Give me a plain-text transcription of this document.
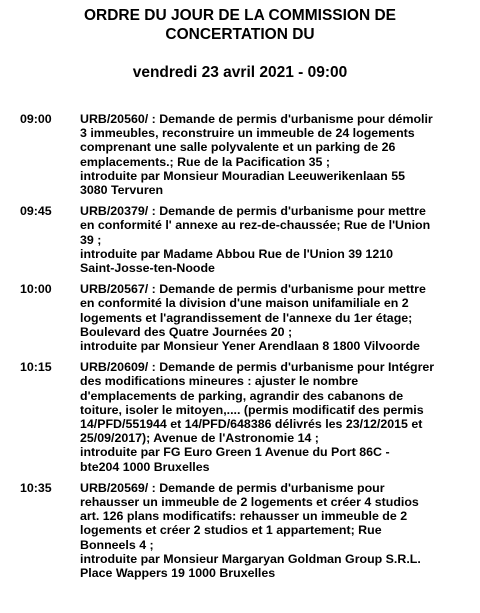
ORDRE DU JOUR DE LA COMMISSION DE
CONCERTATION DU
vendredi 23 avril 2021 - 09:00
09:00	URB/20560/ : Demande de permis d'urbanisme pour démolir
3 immeubles, reconstruire un immeuble de 24 logements
comprenant une salle polyvalente et un parking de 26
emplacements.; Rue de la Pacification 35 ;
introduite par Monsieur Mouradian Leeuwerikenlaan 55
3080 Tervuren
09:45	URB/20379/ : Demande de permis d'urbanisme pour mettre
en conformité l' annexe au rez-de-chaussée; Rue de l'Union
39 ;
introduite par Madame Abbou Rue de l'Union 39 1210
Saint-Josse-ten-Noode
10:00	URB/20567/ : Demande de permis d'urbanisme pour mettre
en conformité la division d'une maison unifamiliale en 2
logements et l'agrandissement de l'annexe du 1er étage;
Boulevard des Quatre Journées 20 ;
introduite par Monsieur Yener Arendlaan 8 1800 Vilvoorde
10:15	URB/20609/ : Demande de permis d'urbanisme pour Intégrer
des modifications mineures : ajuster le nombre
d'emplacements de parking, agrandir des cabanons de
toiture, isoler le mitoyen,.... (permis modificatif des permis
14/PFD/551944 et 14/PFD/648386 délivrés les 23/12/2015 et
25/09/2017); Avenue de l'Astronomie 14 ;
introduite par FG Euro Green 1 Avenue du Port 86C -
bte204 1000 Bruxelles
10:35	URB/20569/ : Demande de permis d'urbanisme pour
rehausser un immeuble de 2 logements et créer 4 studios
art. 126 plans modificatifs: rehausser un immeuble de 2
logements et créer 2 studios et 1 appartement; Rue
Bonneels 4 ;
introduite par Monsieur Margaryan Goldman Group S.R.L.
Place Wappers 19 1000 Bruxelles
